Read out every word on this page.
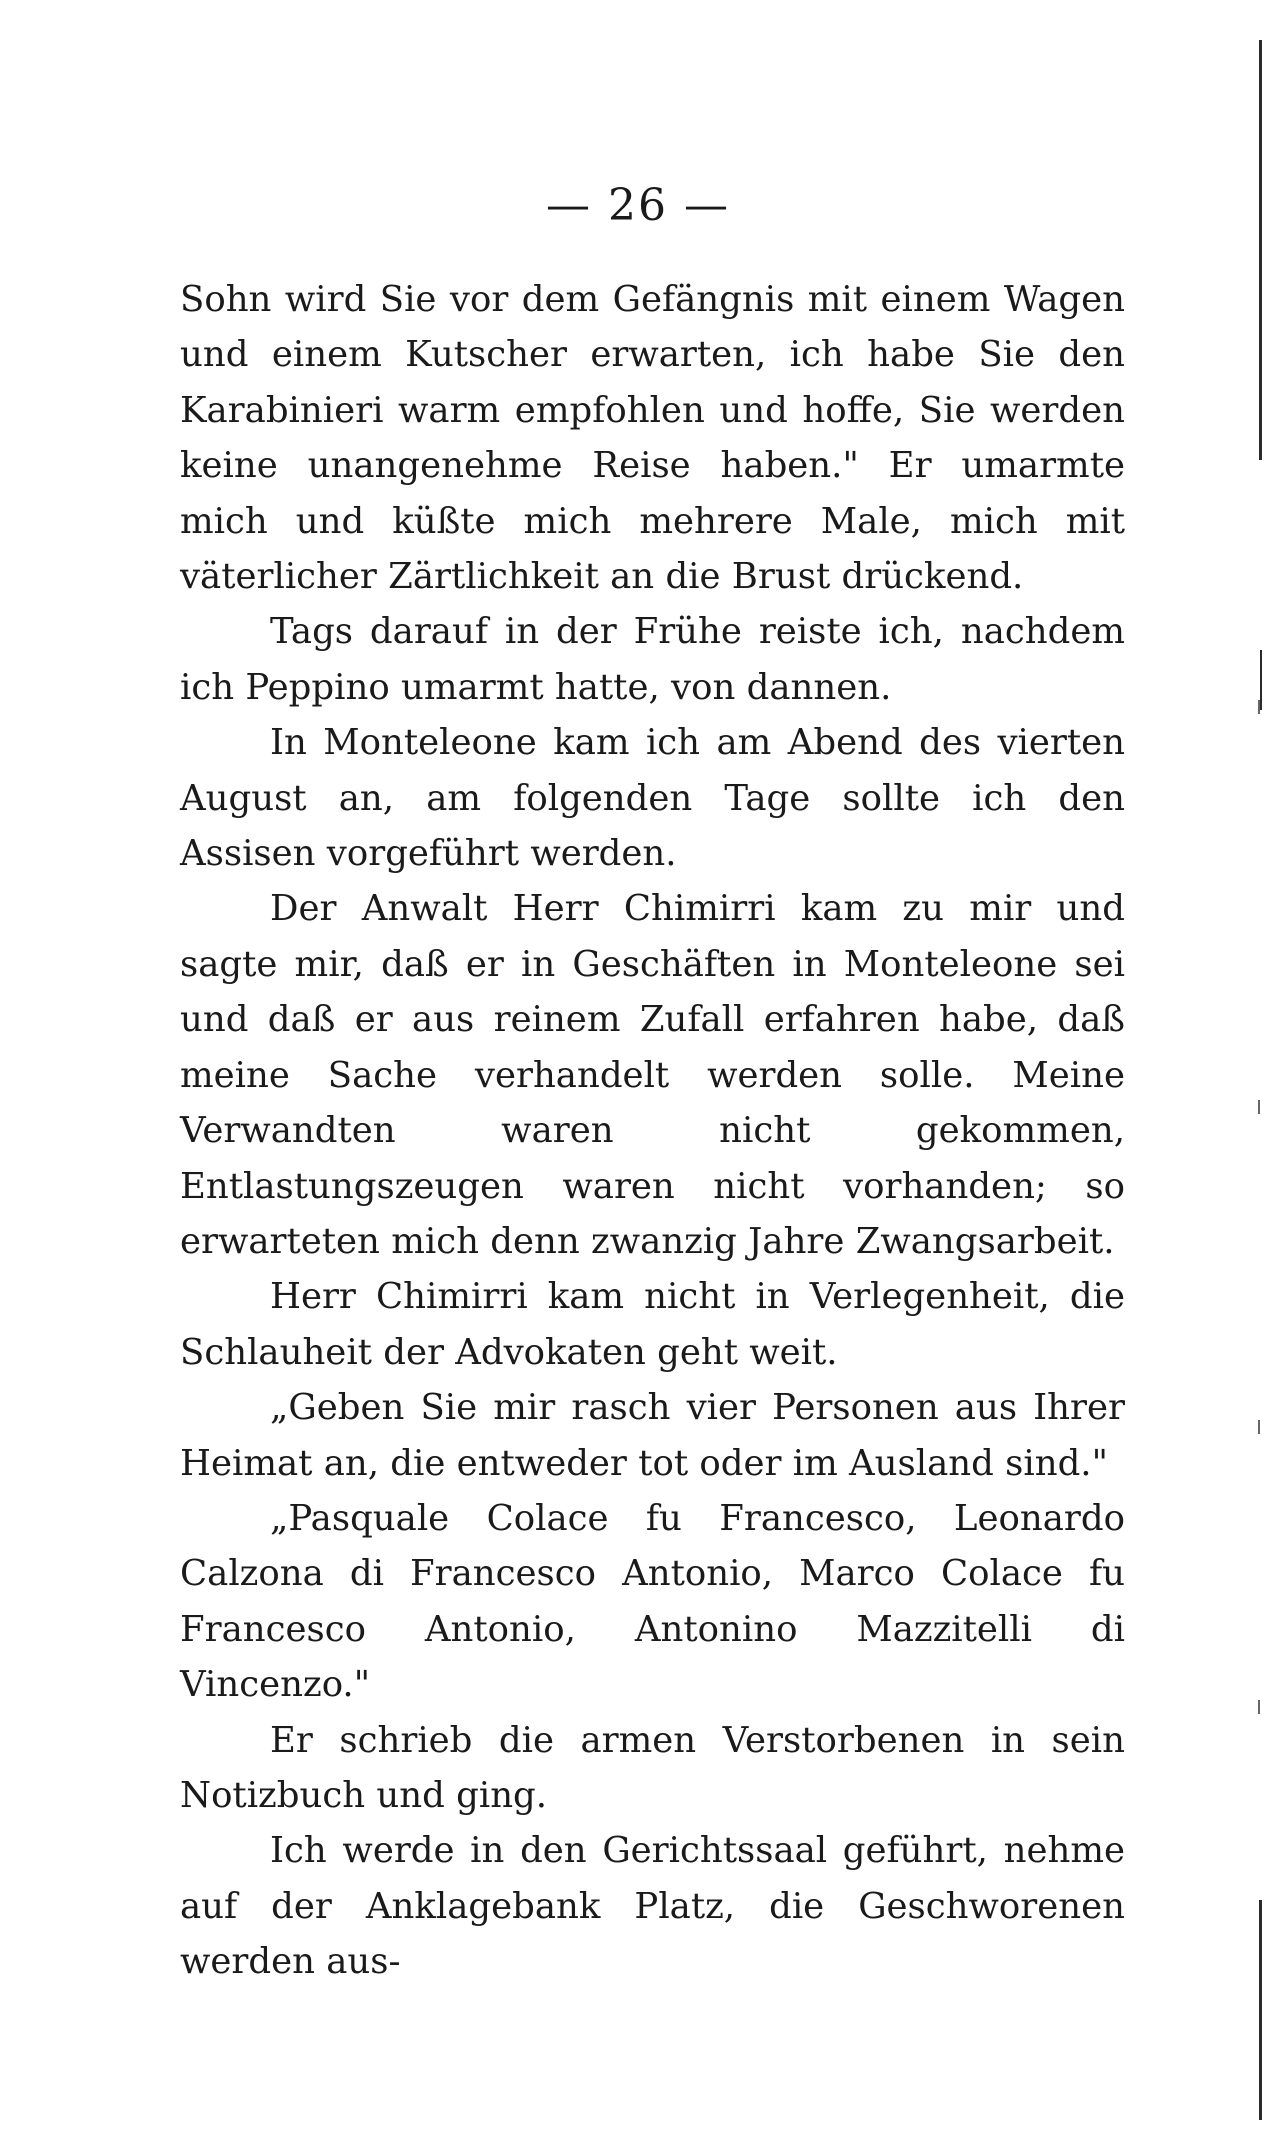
— 26 —

Sohn wird Sie vor dem Gefängnis mit einem Wagen und einem Kutscher erwarten, ich habe Sie den Karabinieri warm empfohlen und hoffe, Sie werden keine unangenehme Reise haben." Er umarmte mich und küßte mich mehrere Male, mich mit väterlicher Zärtlichkeit an die Brust drückend.

Tags darauf in der Frühe reiste ich, nachdem ich Peppino umarmt hatte, von dannen.

In Monteleone kam ich am Abend des vierten August an, am folgenden Tage sollte ich den Assisen vorgeführt werden.

Der Anwalt Herr Chimirri kam zu mir und sagte mir, daß er in Geschäften in Monteleone sei und daß er aus reinem Zufall erfahren habe, daß meine Sache verhandelt werden solle. Meine Verwandten waren nicht gekommen, Entlastungszeugen waren nicht vorhanden; so erwarteten mich denn zwanzig Jahre Zwangsarbeit.

Herr Chimirri kam nicht in Verlegenheit, die Schlauheit der Advokaten geht weit.

„Geben Sie mir rasch vier Personen aus Ihrer Heimat an, die entweder tot oder im Ausland sind."

„Pasquale Colace fu Francesco, Leonardo Calzona di Francesco Antonio, Marco Colace fu Francesco Antonio, Antonino Mazzitelli di Vincenzo."

Er schrieb die armen Verstorbenen in sein Notizbuch und ging.

Ich werde in den Gerichtssaal geführt, nehme auf der Anklagebank Platz, die Geschworenen werden aus-
